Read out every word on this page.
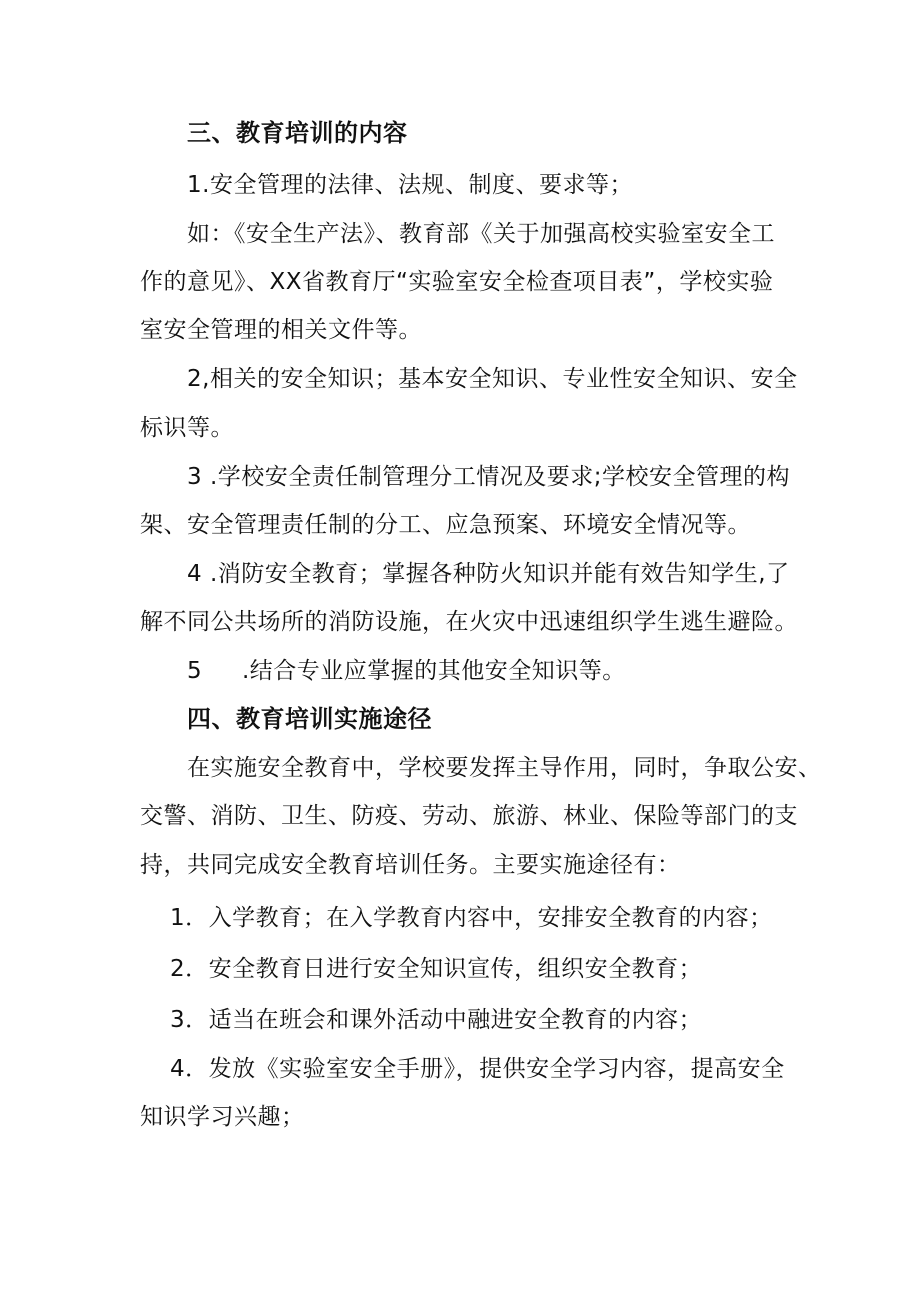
三、教育培训的内容
1.安全管理的法律、法规、制度、要求等；
如：《安全生产法》、教育部《关于加强高校实验室安全工
作的意见》、XX省教育厅“实验室安全检查项目表”，学校实验
室安全管理的相关文件等。
2,相关的安全知识；基本安全知识、专业性安全知识、安全
标识等。
3 .学校安全责任制管理分工情况及要求;学校安全管理的构
架、安全管理责任制的分工、应急预案、环境安全情况等。
4 .消防安全教育；掌握各种防火知识并能有效告知学生,了
解不同公共场所的消防设施，在火灾中迅速组织学生逃生避险。
5 .结合专业应掌握的其他安全知识等。
四、教育培训实施途径
在实施安全教育中，学校要发挥主导作用，同时，争取公安、
交警、消防、卫生、防疫、劳动、旅游、林业、保险等部门的支
持，共同完成安全教育培训任务。主要实施途径有：
1．入学教育；在入学教育内容中，安排安全教育的内容；
2．安全教育日进行安全知识宣传，组织安全教育；
3．适当在班会和课外活动中融进安全教育的内容；
4．发放《实验室安全手册》，提供安全学习内容，提高安全
知识学习兴趣；
